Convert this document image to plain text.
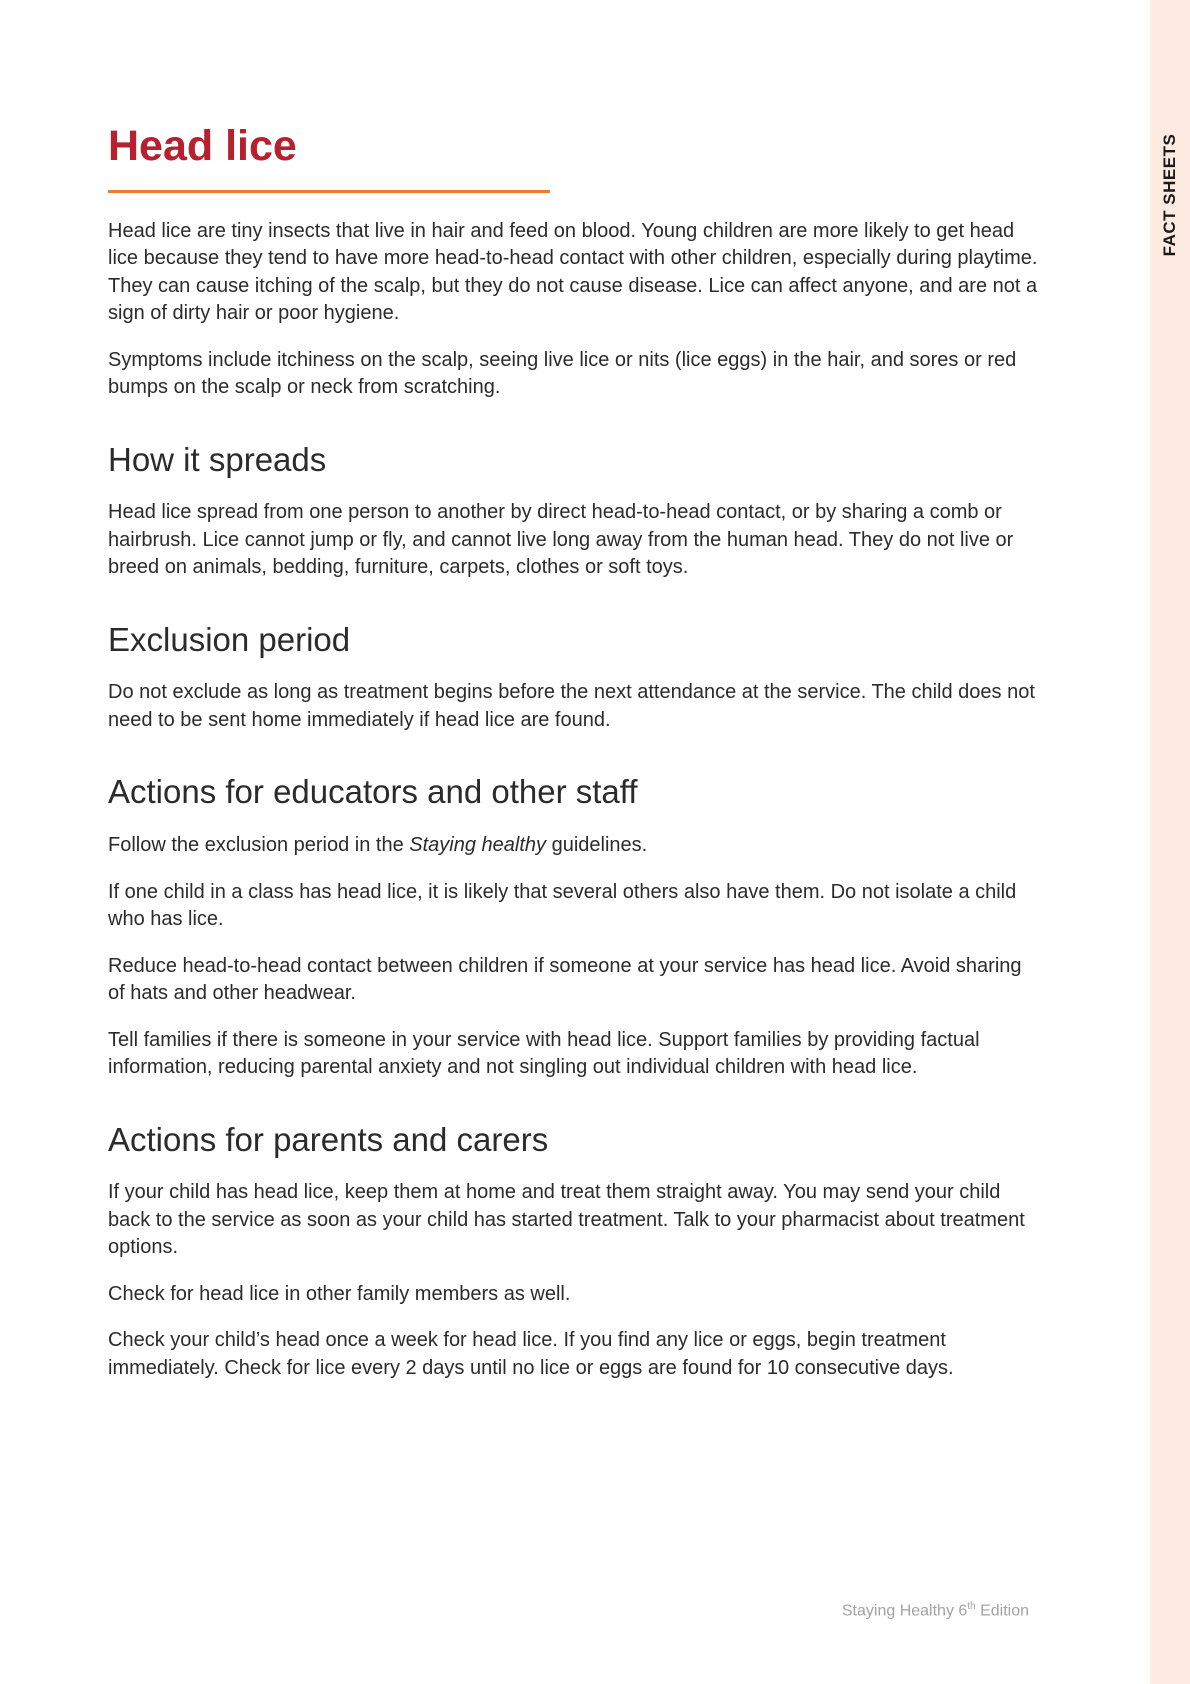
FACT SHEETS
Head lice

Head lice are tiny insects that live in hair and feed on blood. Young children are more likely to get head lice because they tend to have more head-to-head contact with other children, especially during playtime. They can cause itching of the scalp, but they do not cause disease. Lice can affect anyone, and are not a sign of dirty hair or poor hygiene.

Symptoms include itchiness on the scalp, seeing live lice or nits (lice eggs) in the hair, and sores or red bumps on the scalp or neck from scratching.

How it spreads

Head lice spread from one person to another by direct head-to-head contact, or by sharing a comb or hairbrush. Lice cannot jump or fly, and cannot live long away from the human head. They do not live or breed on animals, bedding, furniture, carpets, clothes or soft toys.

Exclusion period

Do not exclude as long as treatment begins before the next attendance at the service. The child does not need to be sent home immediately if head lice are found.

Actions for educators and other staff

Follow the exclusion period in the Staying healthy guidelines.

If one child in a class has head lice, it is likely that several others also have them. Do not isolate a child who has lice.

Reduce head-to-head contact between children if someone at your service has head lice. Avoid sharing of hats and other headwear.

Tell families if there is someone in your service with head lice. Support families by providing factual information, reducing parental anxiety and not singling out individual children with head lice.

Actions for parents and carers

If your child has head lice, keep them at home and treat them straight away. You may send your child back to the service as soon as your child has started treatment. Talk to your pharmacist about treatment options.

Check for head lice in other family members as well.

Check your child’s head once a week for head lice. If you find any lice or eggs, begin treatment immediately. Check for lice every 2 days until no lice or eggs are found for 10 consecutive days.

Staying Healthy 6th Edition
